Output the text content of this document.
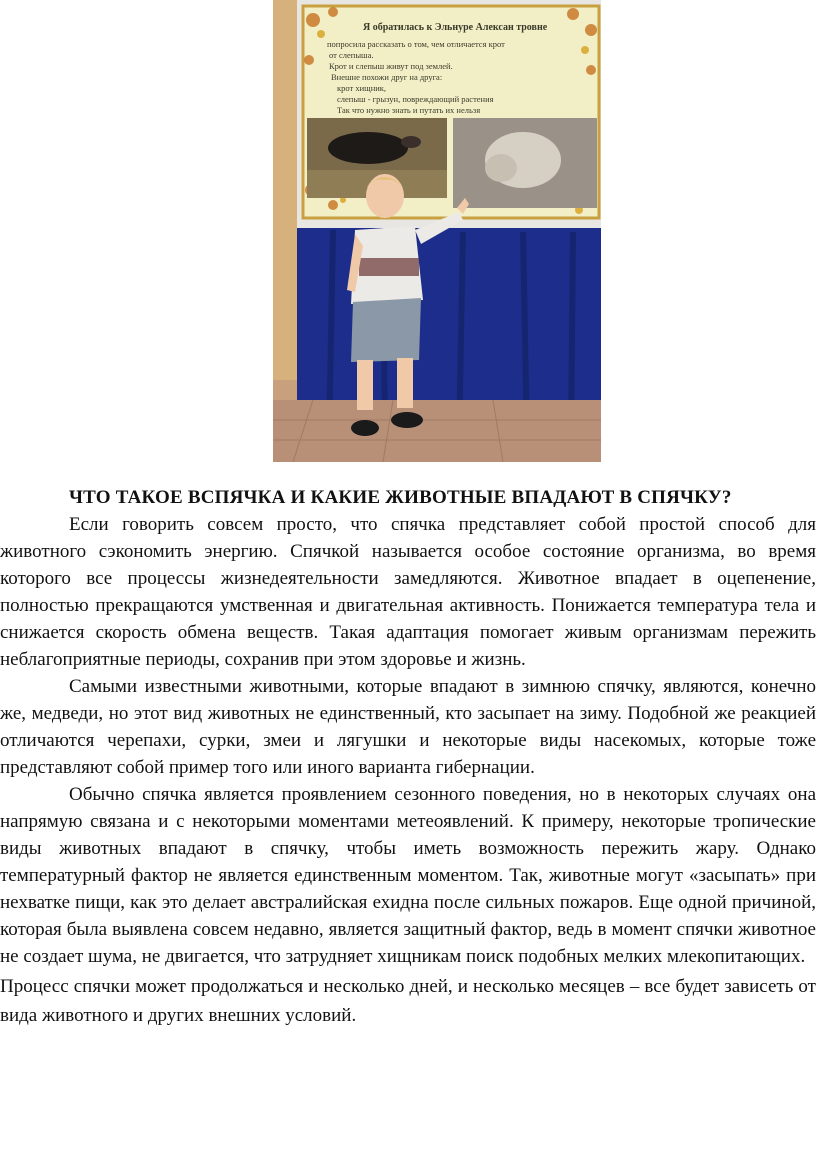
Я обратилась к Эльнуре Алексан тровне
попросила рассказать о том, чем отличается крот
от слепыша.
Крот и слепыш живут под землей.
Внешне похожи друг на друга:
крот хищник,
слепыш - грызун, повреждающий растения
Так что нужно знать и путать их нельзя

ЧТО ТАКОЕ ВСПЯЧКА И КАКИЕ ЖИВОТНЫЕ ВПАДАЮТ В СПЯЧКУ?

Если говорить совсем просто, что спячка представляет собой простой способ для животного сэкономить энергию. Спячкой называется особое состояние организма, во время которого все процессы жизнедеятельности замедляются. Животное впадает в оцепенение, полностью прекращаются умственная и двигательная активность. Понижается температура тела и снижается скорость обмена веществ. Такая адаптация помогает живым организмам пережить неблагоприятные периоды, сохранив при этом здоровье и жизнь.

Самыми известными животными, которые впадают в зимнюю спячку, являются, конечно же, медведи, но этот вид животных не единственный, кто засыпает на зиму. Подобной же реакцией отличаются черепахи, сурки, змеи и лягушки и некоторые виды насекомых, которые тоже представляют собой пример того или иного варианта гибернации.

Обычно спячка является проявлением сезонного поведения, но в некоторых случаях она напрямую связана и с некоторыми моментами метеоявлений. К примеру, некоторые тропические виды животных впадают в спячку, чтобы иметь возможность пережить жару. Однако температурный фактор не является единственным моментом. Так, животные могут «засыпать» при нехватке пищи, как это делает австралийская ехидна после сильных пожаров. Еще одной причиной, которая была выявлена совсем недавно, является защитный фактор, ведь в момент спячки животное не создает шума, не двигается, что затрудняет хищникам поиск подобных мелких млекопитающих.

Процесс спячки может продолжаться и несколько дней, и несколько месяцев – все будет зависеть от вида животного и других внешних условий.
